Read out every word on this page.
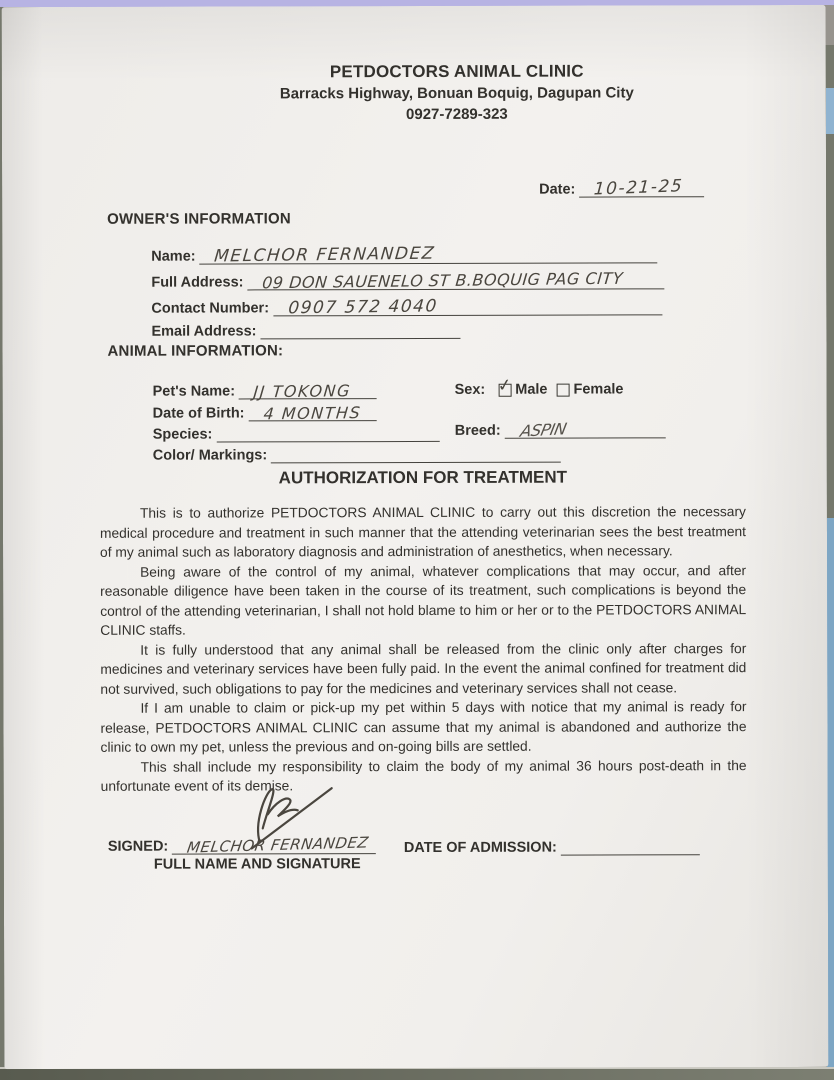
PETDOCTORS ANIMAL CLINIC
Barracks Highway, Bonuan Boquig, Dagupan City
0927-7289-323
Date: 10-21-25
OWNER'S INFORMATION
Name: MELCHOR FERNANDEZ
Full Address: 09 DON SAUENELO ST B.BOQUIG PAG CITY
Contact Number: 0907 572 4040
Email Address:
ANIMAL INFORMATION:
Pet's Name: JJ TOKONG
Date of Birth: 4 MONTHS
Species:
Color/ Markings:
Sex: ✓ Male Female
Breed: ASPIN
AUTHORIZATION FOR TREATMENT

This is to authorize PETDOCTORS ANIMAL CLINIC to carry out this discretion the necessary medical procedure and treatment in such manner that the attending veterinarian sees the best treatment of my animal such as laboratory diagnosis and administration of anesthetics, when necessary.

Being aware of the control of my animal, whatever complications that may occur, and after reasonable diligence have been taken in the course of its treatment, such complications is beyond the control of the attending veterinarian, I shall not hold blame to him or her or to the PETDOCTORS ANIMAL CLINIC staffs.

It is fully understood that any animal shall be released from the clinic only after charges for medicines and veterinary services have been fully paid. In the event the animal confined for treatment did not survived, such obligations to pay for the medicines and veterinary services shall not cease.

If I am unable to claim or pick-up my pet within 5 days with notice that my animal is ready for release, PETDOCTORS ANIMAL CLINIC can assume that my animal is abandoned and authorize the clinic to own my pet, unless the previous and on-going bills are settled.

This shall include my responsibility to claim the body of my animal 36 hours post-death in the unfortunate event of its demise.

SIGNED: MELCHOR FERNANDEZ
FULL NAME AND SIGNATURE
DATE OF ADMISSION:
